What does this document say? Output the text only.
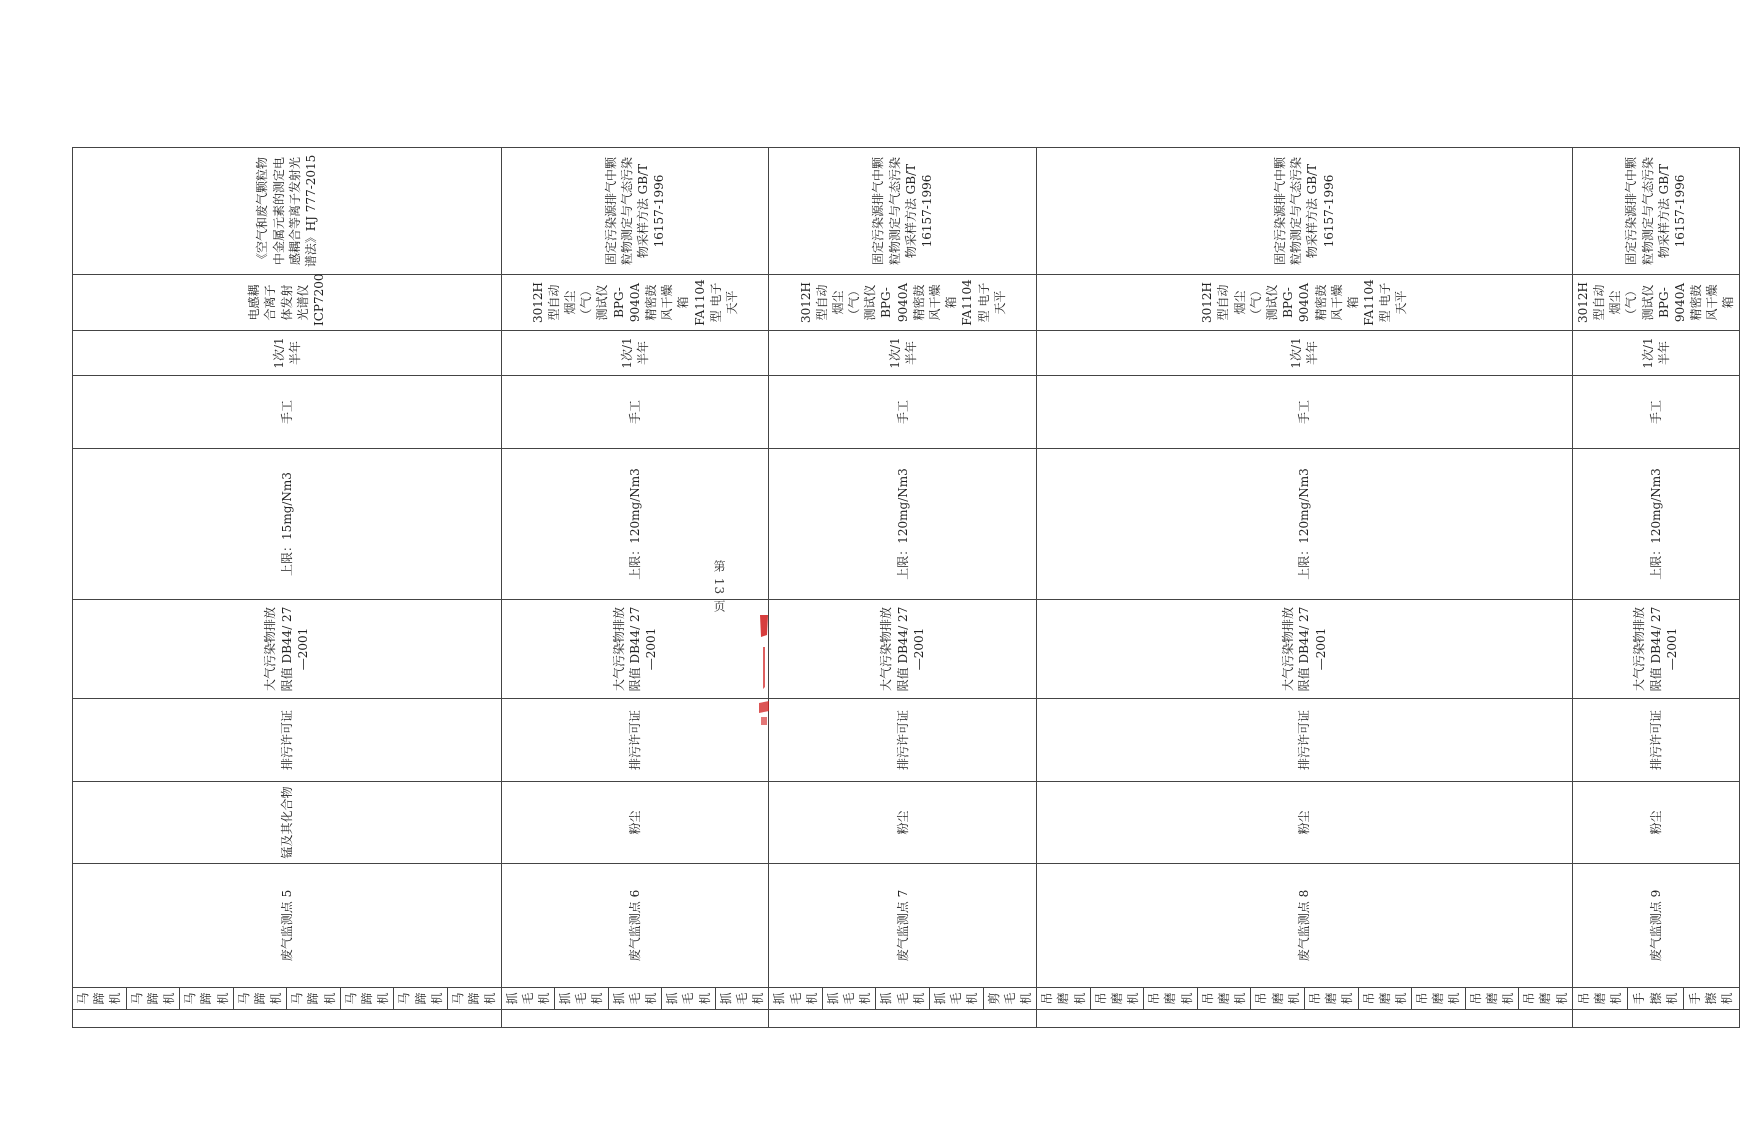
	马蹄机	废气监测点 5	锰及其化合物	排污许可证	大气污染物排放限值 DB44/ 27—2001	上限：15mg/Nm3	手工	1次/1半年	电感耦合离子体发射光谱仪 ICP7200	《空气和废气颗粒物中金属元素的测定电感耦合等离子发射光谱法》HJ 777-2015
	马蹄机									
	马蹄机									
	马蹄机									
	马蹄机									
	马蹄机									
	马蹄机									
	马蹄机									
	抓毛机	废气监测点 6	粉尘	排污许可证	大气污染物排放限值 DB44/ 27—2001	上限：120mg/Nm3	手工	1次/1半年	3012H 型自动烟尘（气）测试仪 BPG-9040A 精密鼓风干燥箱 FA1104 型 电子天平	固定污染源排气中颗粒物测定与气态污染物采样方法 GB/T 16157-1996
	抓毛机									
	抓毛机									
	抓毛机									
	抓毛机									
	抓毛机	废气监测点 7	粉尘	排污许可证	大气污染物排放限值 DB44/ 27—2001	上限：120mg/Nm3	手工	1次/1半年	3012H 型自动烟尘（气）测试仪 BPG-9040A 精密鼓风干燥箱 FA1104 型 电子天平	固定污染源排气中颗粒物测定与气态污染物采样方法 GB/T 16157-1996
	抓毛机									
	抓毛机									
	抓毛机									
	剪毛机									
	吊磨机	废气监测点 8	粉尘	排污许可证	大气污染物排放限值 DB44/ 27—2001	上限：120mg/Nm3	手工	1次/1半年	3012H 型自动烟尘（气）测试仪 BPG-9040A 精密鼓风干燥箱 FA1104 型 电子天平	固定污染源排气中颗粒物测定与气态污染物采样方法 GB/T 16157-1996
	吊磨机									
	吊磨机									
	吊磨机									
	吊磨机									
	吊磨机									
	吊磨机									
	吊磨机									
	吊磨机									
	吊磨机									
	吊磨机	废气监测点 9	粉尘	排污许可证	大气污染物排放限值 DB44/ 27—2001	上限：120mg/Nm3	手工	1次/1半年	3012H 型自动烟尘（气）测试仪 BPG-9040A 精密鼓风干燥箱	固定污染源排气中颗粒物测定与气态污染物采样方法 GB/T 16157-1996
	手擦机									
	手擦机									
第 13 页
